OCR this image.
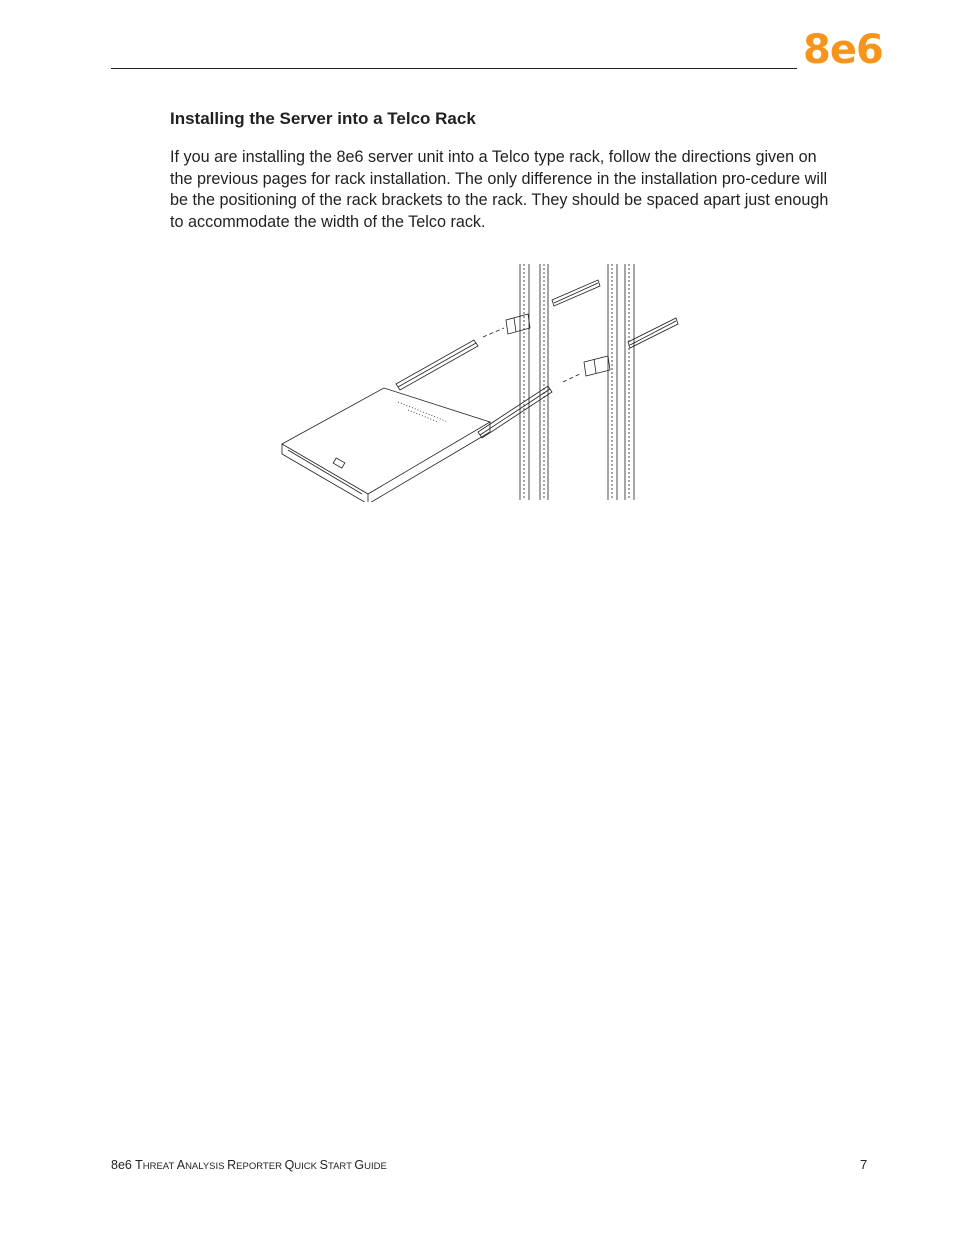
8e6
Installing the Server into a Telco Rack

If you are installing the 8e6 server unit into a Telco type rack, follow the directions given on the previous pages for rack installation. The only difference in the installation pro-cedure will be the positioning of the rack brackets to the rack. They should be spaced apart just enough to accommodate the width of the Telco rack.

8e6 THREAT ANALYSIS REPORTER QUICK START GUIDE	7
